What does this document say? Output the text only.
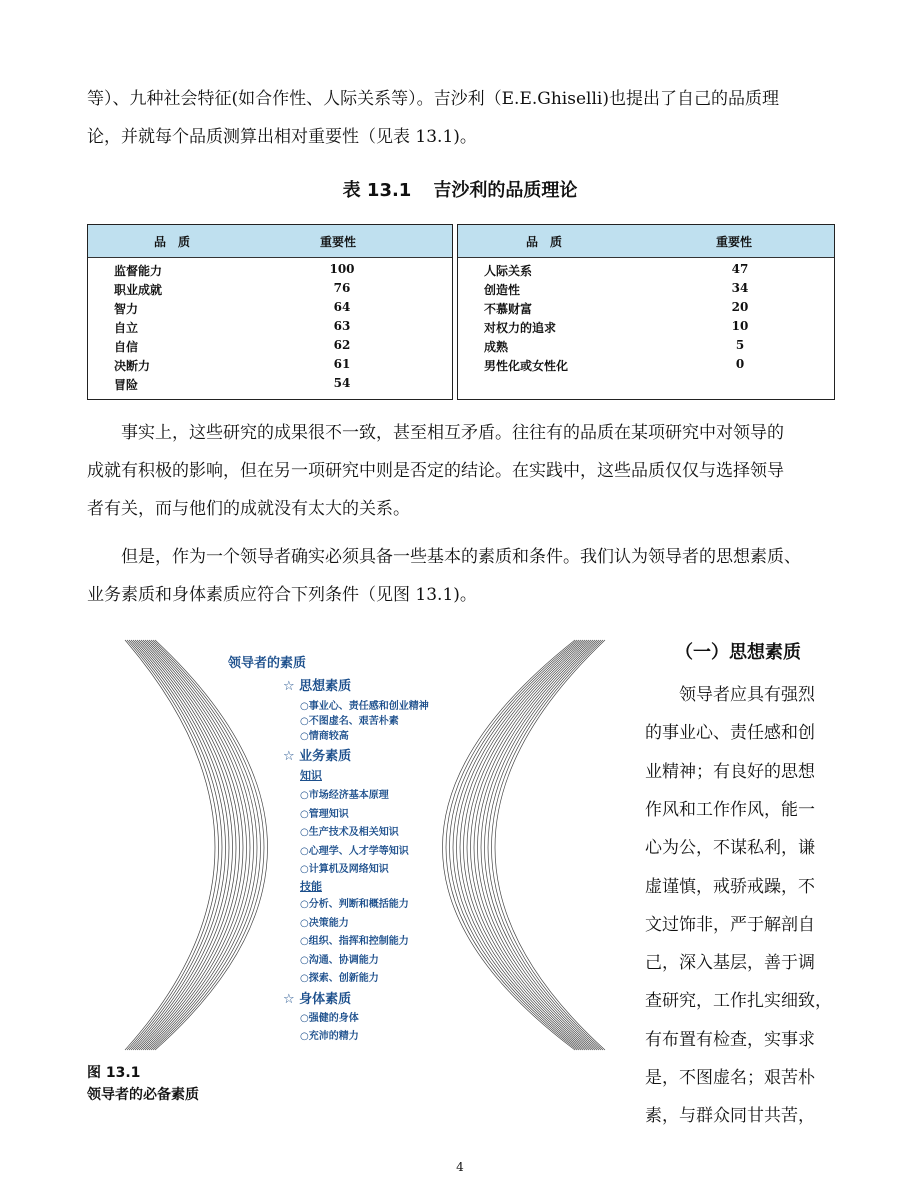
等）、九种社会特征(如合作性、人际关系等）。吉沙利（E.E.Ghiselli)也提出了自己的品质理

论，并就每个品质测算出相对重要性（见表 13.1)。

表 13.1 吉沙利的品质理论
品　质	重要性
监督能力	100
职业成就	76
智力	64
自立	63
自信	62
决断力	61
冒险	54
品　质	重要性
人际关系	47
创造性	34
不慕财富	20
对权力的追求	10
成熟	5
男性化或女性化	0

事实上，这些研究的成果很不一致，甚至相互矛盾。往往有的品质在某项研究中对领导的

成就有积极的影响，但在另一项研究中则是否定的结论。在实践中，这些品质仅仅与选择领导

者有关，而与他们的成就没有太大的关系。

但是，作为一个领导者确实必须具备一些基本的素质和条件。我们认为领导者的思想素质、

业务素质和身体素质应符合下列条件（见图 13.1)。

领导者的素质
☆ 思想素质
○事业心、责任感和创业精神
○不图虚名、艰苦朴素
○情商较高
☆ 业务素质
知识
○市场经济基本原理
○管理知识
○生产技术及相关知识
○心理学、人才学等知识
○计算机及网络知识
技能
○分析、判断和概括能力
○决策能力
○组织、指挥和控制能力
○沟通、协调能力
○探索、创新能力
☆ 身体素质
○强健的身体
○充沛的精力
图 13.1
领导者的必备素质
（一）思想素质
领导者应具有强烈
的事业心、责任感和创
业精神；有良好的思想
作风和工作作风，能一
心为公，不谋私利，谦
虚谨慎，戒骄戒躁，不
文过饰非，严于解剖自
己，深入基层，善于调
查研究，工作扎实细致，
有布置有检查，实事求
是，不图虚名；艰苦朴
素，与群众同甘共苦，
4
